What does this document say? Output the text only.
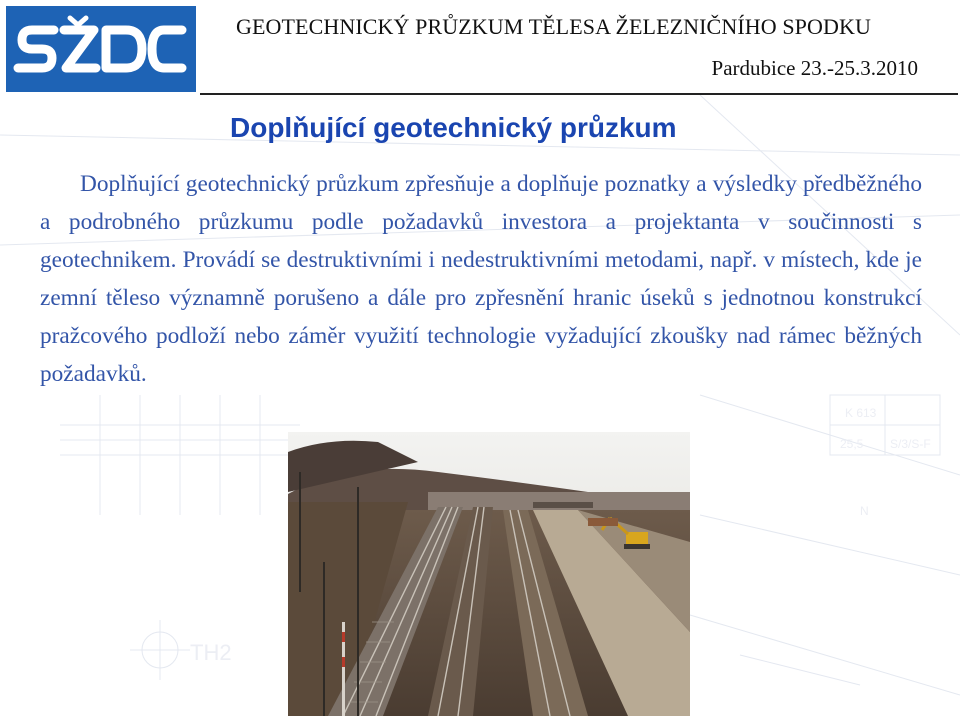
TH2
K 613
S/3/S-F
25,5
N
GEOTECHNICKÝ PRŮZKUM TĚLESA ŽELEZNIČNÍHO SPODKU
Pardubice 23.-25.3.2010
Doplňující geotechnický průzkum
Doplňující geotechnický průzkum zpřesňuje a doplňuje poznatky a výsledky předběžného a podrobného průzkumu podle požadavků investora a projektanta v součinnosti s geotechnikem. Provádí se destruktivními i nedestruktivními metodami, např. v místech, kde je zemní těleso významně porušeno a dále pro zpřesnění hranic úseků s jednotnou konstrukcí pražcového podloží nebo záměr využití technologie vyžadující zkoušky nad rámec běžných požadavků.
